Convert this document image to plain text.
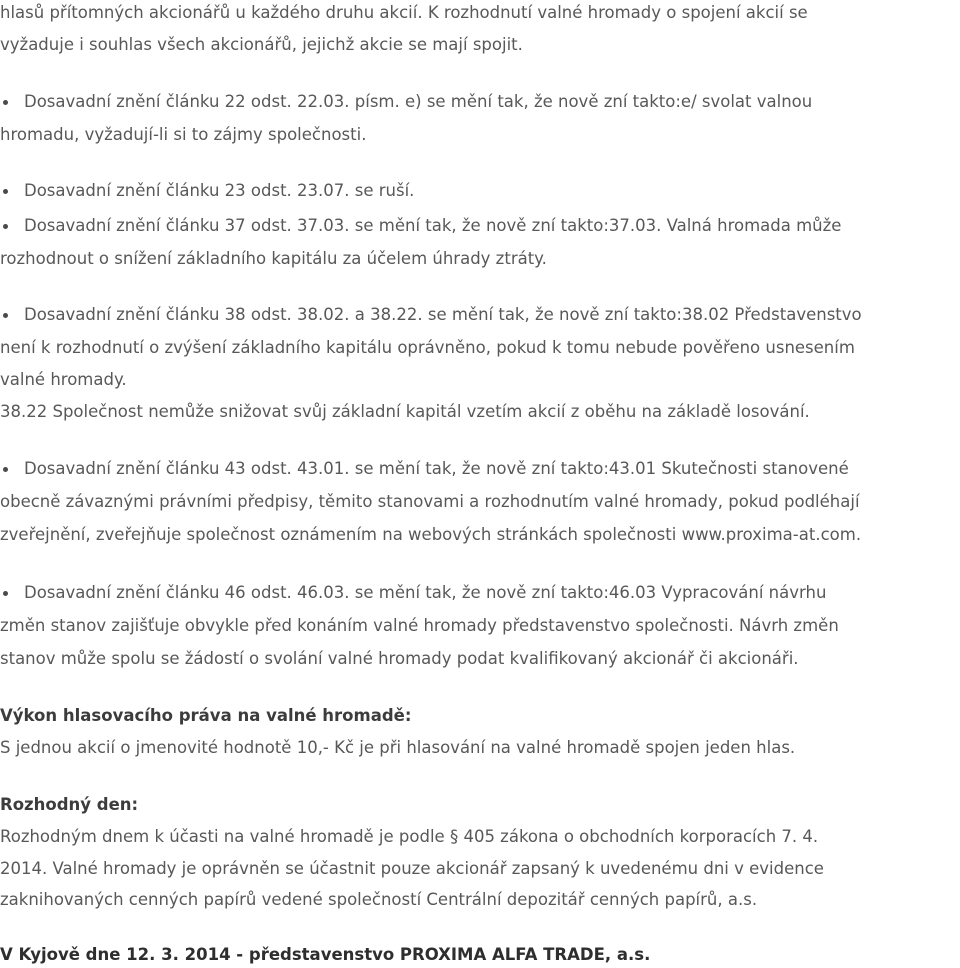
hlasů přítomných akcionářů u každého druhu akcií. K rozhodnutí valné hromady o spojení akcií se
vyžaduje i souhlas všech akcionářů, jejichž akcie se mají spojit.
Dosavadní znění článku 22 odst. 22.03. písm. e) se mění tak, že nově zní takto:e/ svolat valnou
hromadu, vyžadují-li si to zájmy společnosti.
Dosavadní znění článku 23 odst. 23.07. se ruší.
Dosavadní znění článku 37 odst. 37.03. se mění tak, že nově zní takto:37.03. Valná hromada může
rozhodnout o snížení základního kapitálu za účelem úhrady ztráty.
Dosavadní znění článku 38 odst. 38.02. a 38.22. se mění tak, že nově zní takto:38.02 Představenstvo
není k rozhodnutí o zvýšení základního kapitálu oprávněno, pokud k tomu nebude pověřeno usnesením
valné hromady.
38.22 Společnost nemůže snižovat svůj základní kapitál vzetím akcií z oběhu na základě losování.
Dosavadní znění článku 43 odst. 43.01. se mění tak, že nově zní takto:43.01 Skutečnosti stanovené
obecně závaznými právními předpisy, těmito stanovami a rozhodnutím valné hromady, pokud podléhají
zveřejnění, zveřejňuje společnost oznámením na webových stránkách společnosti www.proxima-at.com.
Dosavadní znění článku 46 odst. 46.03. se mění tak, že nově zní takto:46.03 Vypracování návrhu
změn stanov zajišťuje obvykle před konáním valné hromady představenstvo společnosti. Návrh změn
stanov může spolu se žádostí o svolání valné hromady podat kvalifikovaný akcionář či akcionáři.
Výkon hlasovacího práva na valné hromadě:
S jednou akcií o jmenovité hodnotě 10,- Kč je při hlasování na valné hromadě spojen jeden hlas.
Rozhodný den:
Rozhodným dnem k účasti na valné hromadě je podle § 405 zákona o obchodních korporacích 7. 4.
2014. Valné hromady je oprávněn se účastnit pouze akcionář zapsaný k uvedenému dni v evidence
zaknihovaných cenných papírů vedené společností Centrální depozitář cenných papírů, a.s.
V Kyjově dne 12. 3. 2014 - představenstvo PROXIMA ALFA TRADE, a.s.
